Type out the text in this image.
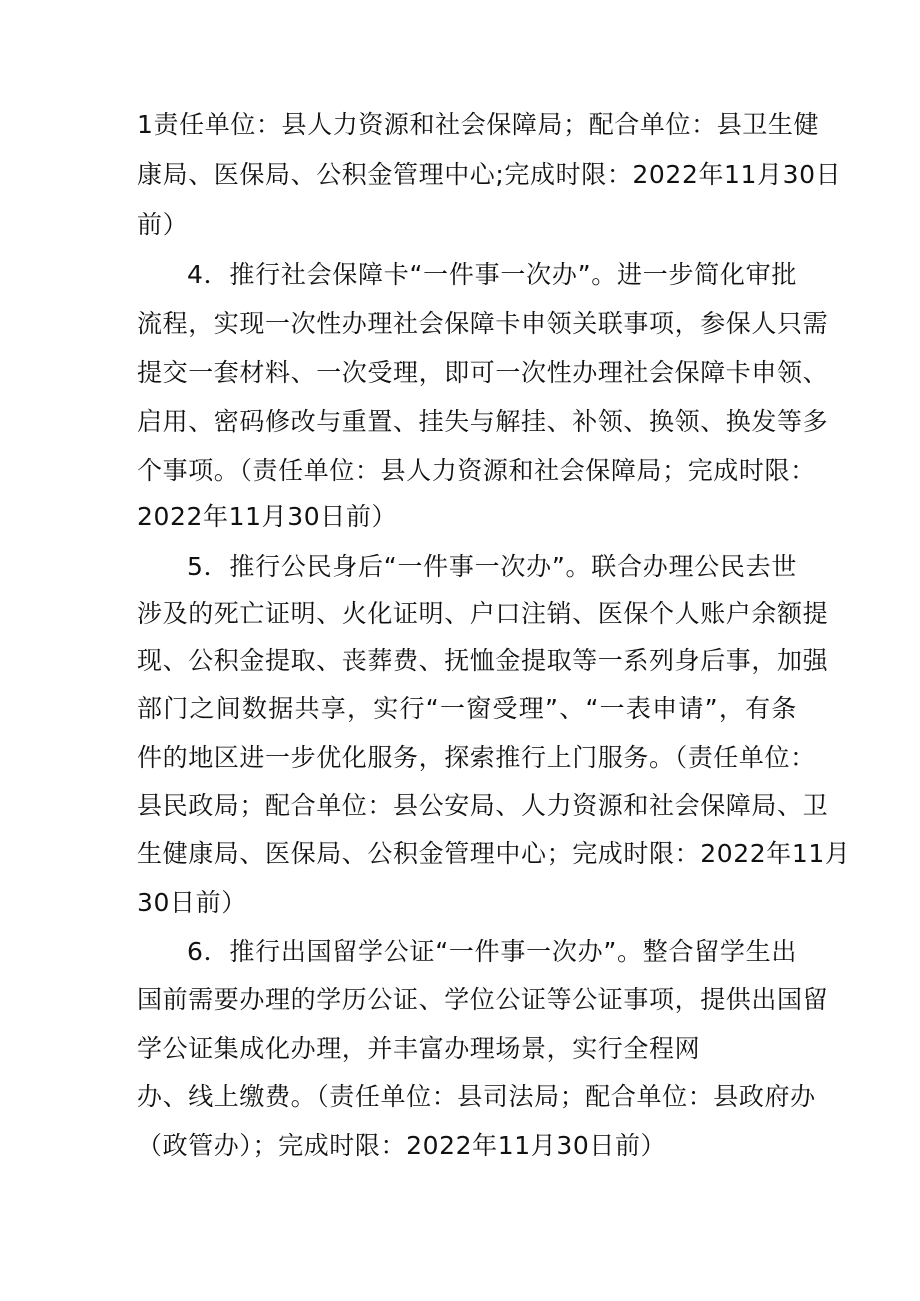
1责任单位：县人力资源和社会保障局；配合单位：县卫生健
康局、医保局、公积金管理中心;完成时限：2022年11月30日
前）
4．推行社会保障卡“一件事一次办”。进一步简化审批
流程，实现一次性办理社会保障卡申领关联事项，参保人只需
提交一套材料、一次受理，即可一次性办理社会保障卡申领、
启用、密码修改与重置、挂失与解挂、补领、换领、换发等多
个事项。（责任单位：县人力资源和社会保障局；完成时限：
2022年11月30日前）
5．推行公民身后“一件事一次办”。联合办理公民去世
涉及的死亡证明、火化证明、户口注销、医保个人账户余额提
现、公积金提取、丧葬费、抚恤金提取等一系列身后事，加强
部门之间数据共享，实行“一窗受理”、“一表申请”，有条
件的地区进一步优化服务，探索推行上门服务。（责任单位：
县民政局；配合单位：县公安局、人力资源和社会保障局、卫
生健康局、医保局、公积金管理中心；完成时限：2022年11月
30日前）
6．推行出国留学公证“一件事一次办”。整合留学生出
国前需要办理的学历公证、学位公证等公证事项，提供出国留
学公证集成化办理，并丰富办理场景，实行全程网
办、线上缴费。（责任单位：县司法局；配合单位：县政府办
（政管办）；完成时限：2022年11月30日前）
